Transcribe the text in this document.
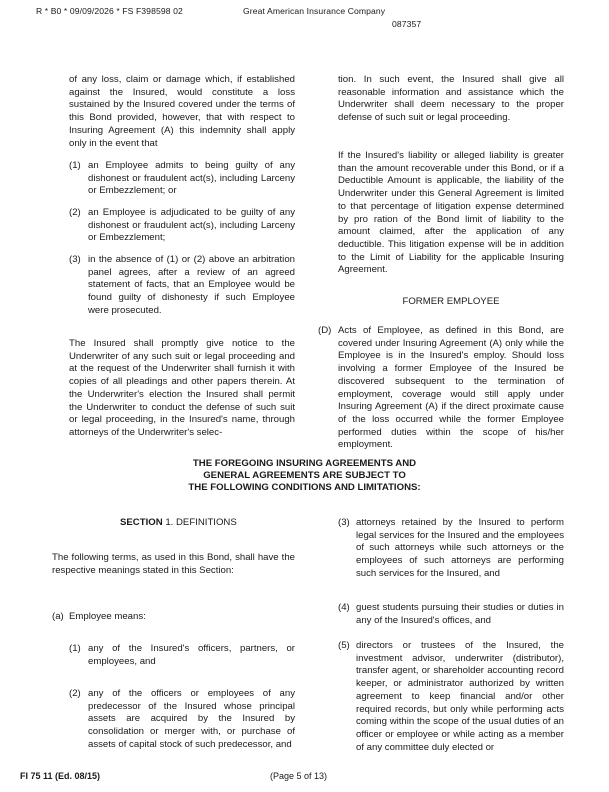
R * B0 * 09/09/2026 * FS F398598 02	Great American Insurance Company
087357

of any loss, claim or damage which, if established against the Insured, would constitute a loss sustained by the Insured covered under the terms of this Bond provided, however, that with respect to Insuring Agreement (A) this indemnity shall apply only in the event that

(1) an Employee admits to being guilty of any dishonest or fraudulent act(s), including Larceny or Embezzlement; or

(2) an Employee is adjudicated to be guilty of any dishonest or fraudulent act(s), including Larceny or Embezzlement;

(3) in the absence of (1) or (2) above an arbitration panel agrees, after a review of an agreed statement of facts, that an Employee would be found guilty of dishonesty if such Employee were prosecuted.

The Insured shall promptly give notice to the Underwriter of any such suit or legal proceeding and at the request of the Underwriter shall furnish it with copies of all pleadings and other papers therein. At the Underwriter's election the Insured shall permit the Underwriter to conduct the defense of such suit or legal proceeding, in the Insured's name, through attorneys of the Underwriter's selec-

tion. In such event, the Insured shall give all reasonable information and assistance which the Underwriter shall deem necessary to the proper defense of such suit or legal proceeding.

If the Insured's liability or alleged liability is greater than the amount recoverable under this Bond, or if a Deductible Amount is applicable, the liability of the Underwriter under this General Agreement is limited to that percentage of litigation expense determined by pro ration of the Bond limit of liability to the amount claimed, after the application of any deductible. This litigation expense will be in addition to the Limit of Liability for the applicable Insuring Agreement.

FORMER EMPLOYEE
(D) Acts of Employee, as defined in this Bond, are covered under Insuring Agreement (A) only while the Employee is in the Insured's employ. Should loss involving a former Employee of the Insured be discovered subsequent to the termination of employment, coverage would still apply under Insuring Agreement (A) if the direct proximate cause of the loss occurred while the former Employee performed duties within the scope of his/her employment.

THE FOREGOING INSURING AGREEMENTS AND
GENERAL AGREEMENTS ARE SUBJECT TO
THE FOLLOWING CONDITIONS AND LIMITATIONS:
SECTION 1. DEFINITIONS

The following terms, as used in this Bond, shall have the respective meanings stated in this Section:

(a) Employee means:
(1) any of the Insured's officers, partners, or employees, and

(2) any of the officers or employees of any predecessor of the Insured whose principal assets are acquired by the Insured by consolidation or merger with, or purchase of assets of capital stock of such predecessor, and

(3) attorneys retained by the Insured to perform legal services for the Insured and the employees of such attorneys while such attorneys or the employees of such attorneys are performing such services for the Insured, and

(4) guest students pursuing their studies or duties in any of the Insured's offices, and

(5) directors or trustees of the Insured, the investment advisor, underwriter (distributor), transfer agent, or shareholder accounting record keeper, or administrator authorized by written agreement to keep financial and/or other required records, but only while performing acts coming within the scope of the usual duties of an officer or employee or while acting as a member of any committee duly elected or

FI 75 11 (Ed. 08/15)	(Page 5 of 13)
